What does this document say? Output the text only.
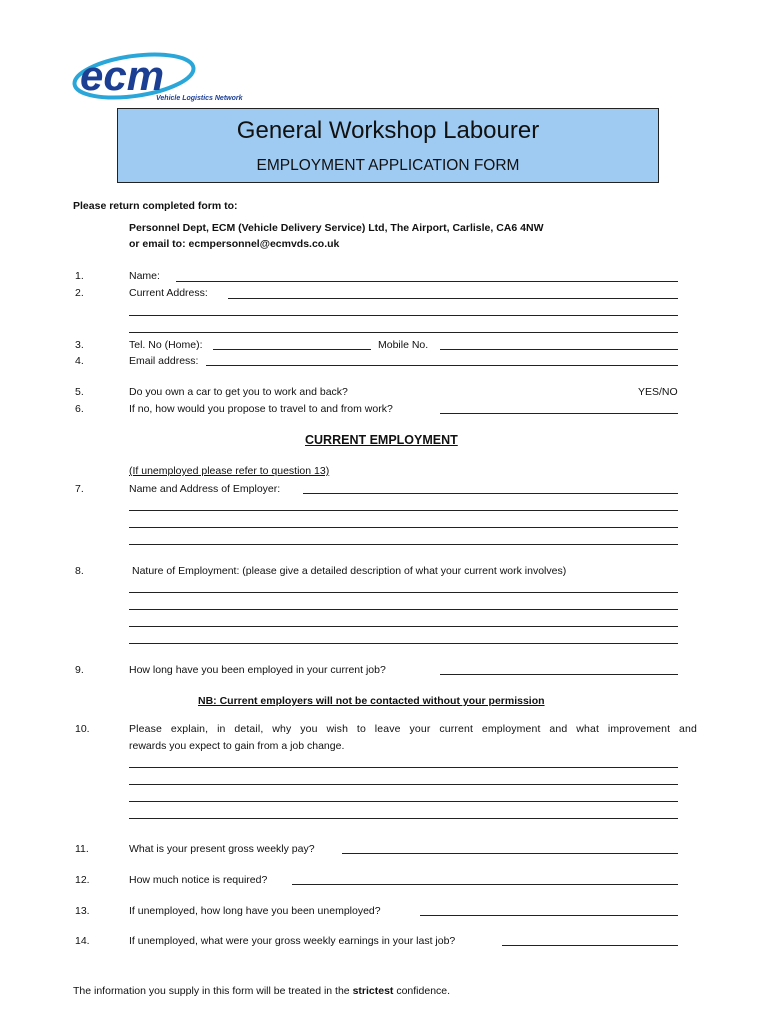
ecm
Vehicle Logistics Network
General Workshop Labourer
EMPLOYMENT APPLICATION FORM
Please return completed form to:
Personnel Dept, ECM (Vehicle Delivery Service) Ltd, The Airport, Carlisle, CA6 4NW
or email to: ecmpersonnel@ecmvds.co.uk
1.	Name:
2.	Current Address:
3.	Tel. No (Home):	Mobile No.
4.	Email address:
5.	Do you own a car to get you to work and back?	YES/NO
6.	If no, how would you propose to travel to and from work?
CURRENT EMPLOYMENT
(If unemployed please refer to question 13)
7.	Name and Address of Employer:
8.	Nature of Employment: (please give a detailed description of what your current work involves)
9.	How long have you been employed in your current job?
NB: Current employers will not be contacted without your permission
10.	Please explain, in detail, why you wish to leave your current employment and what improvement and
rewards you expect to gain from a job change.
11.	What is your present gross weekly pay?
12.	How much notice is required?
13.	If unemployed, how long have you been unemployed?
14.	If unemployed, what were your gross weekly earnings in your last job?
The information you supply in this form will be treated in the strictest confidence.
